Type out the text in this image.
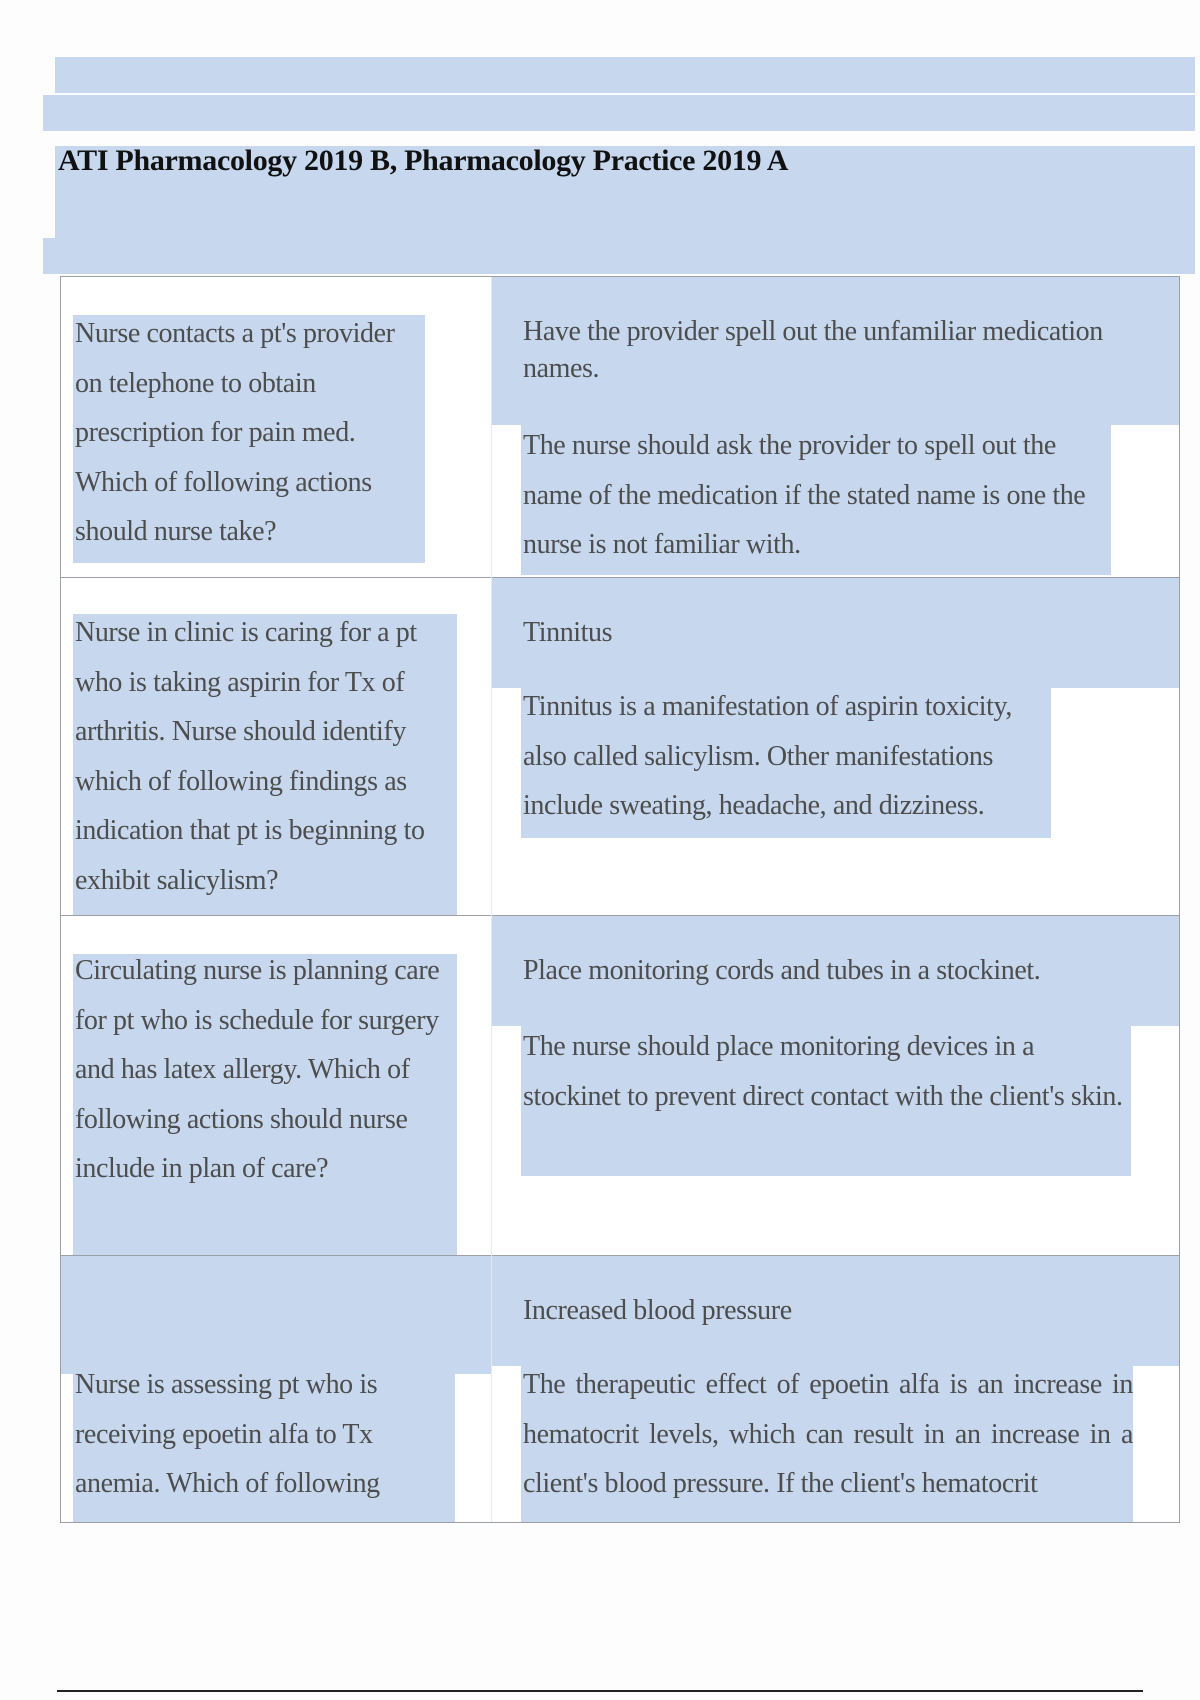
ATI Pharmacology 2019 B, Pharmacology Practice 2019 A
Nurse contacts a pt's provider on telephone to obtain prescription for pain med. Which of following actions should nurse take?
Have the provider spell out the unfamiliar medication names.
The nurse should ask the provider to spell out the name of the medication if the stated name is one the nurse is not familiar with.
Nurse in clinic is caring for a pt who is taking aspirin for Tx of arthritis. Nurse should identify which of following findings as indication that pt is beginning to exhibit salicylism?
Tinnitus
Tinnitus is a manifestation of aspirin toxicity, also called salicylism. Other manifestations include sweating, headache, and dizziness.
Circulating nurse is planning care for pt who is schedule for surgery and has latex allergy. Which of following actions should nurse include in plan of care?
Place monitoring cords and tubes in a stockinet.
The nurse should place monitoring devices in a stockinet to prevent direct contact with the client's skin.
Nurse is assessing pt who is receiving epoetin alfa to Tx anemia. Which of following
Increased blood pressure
The therapeutic effect of epoetin alfa is an increase in hematocrit levels, which can result in an increase in a client's blood pressure. If the client's hematocrit
